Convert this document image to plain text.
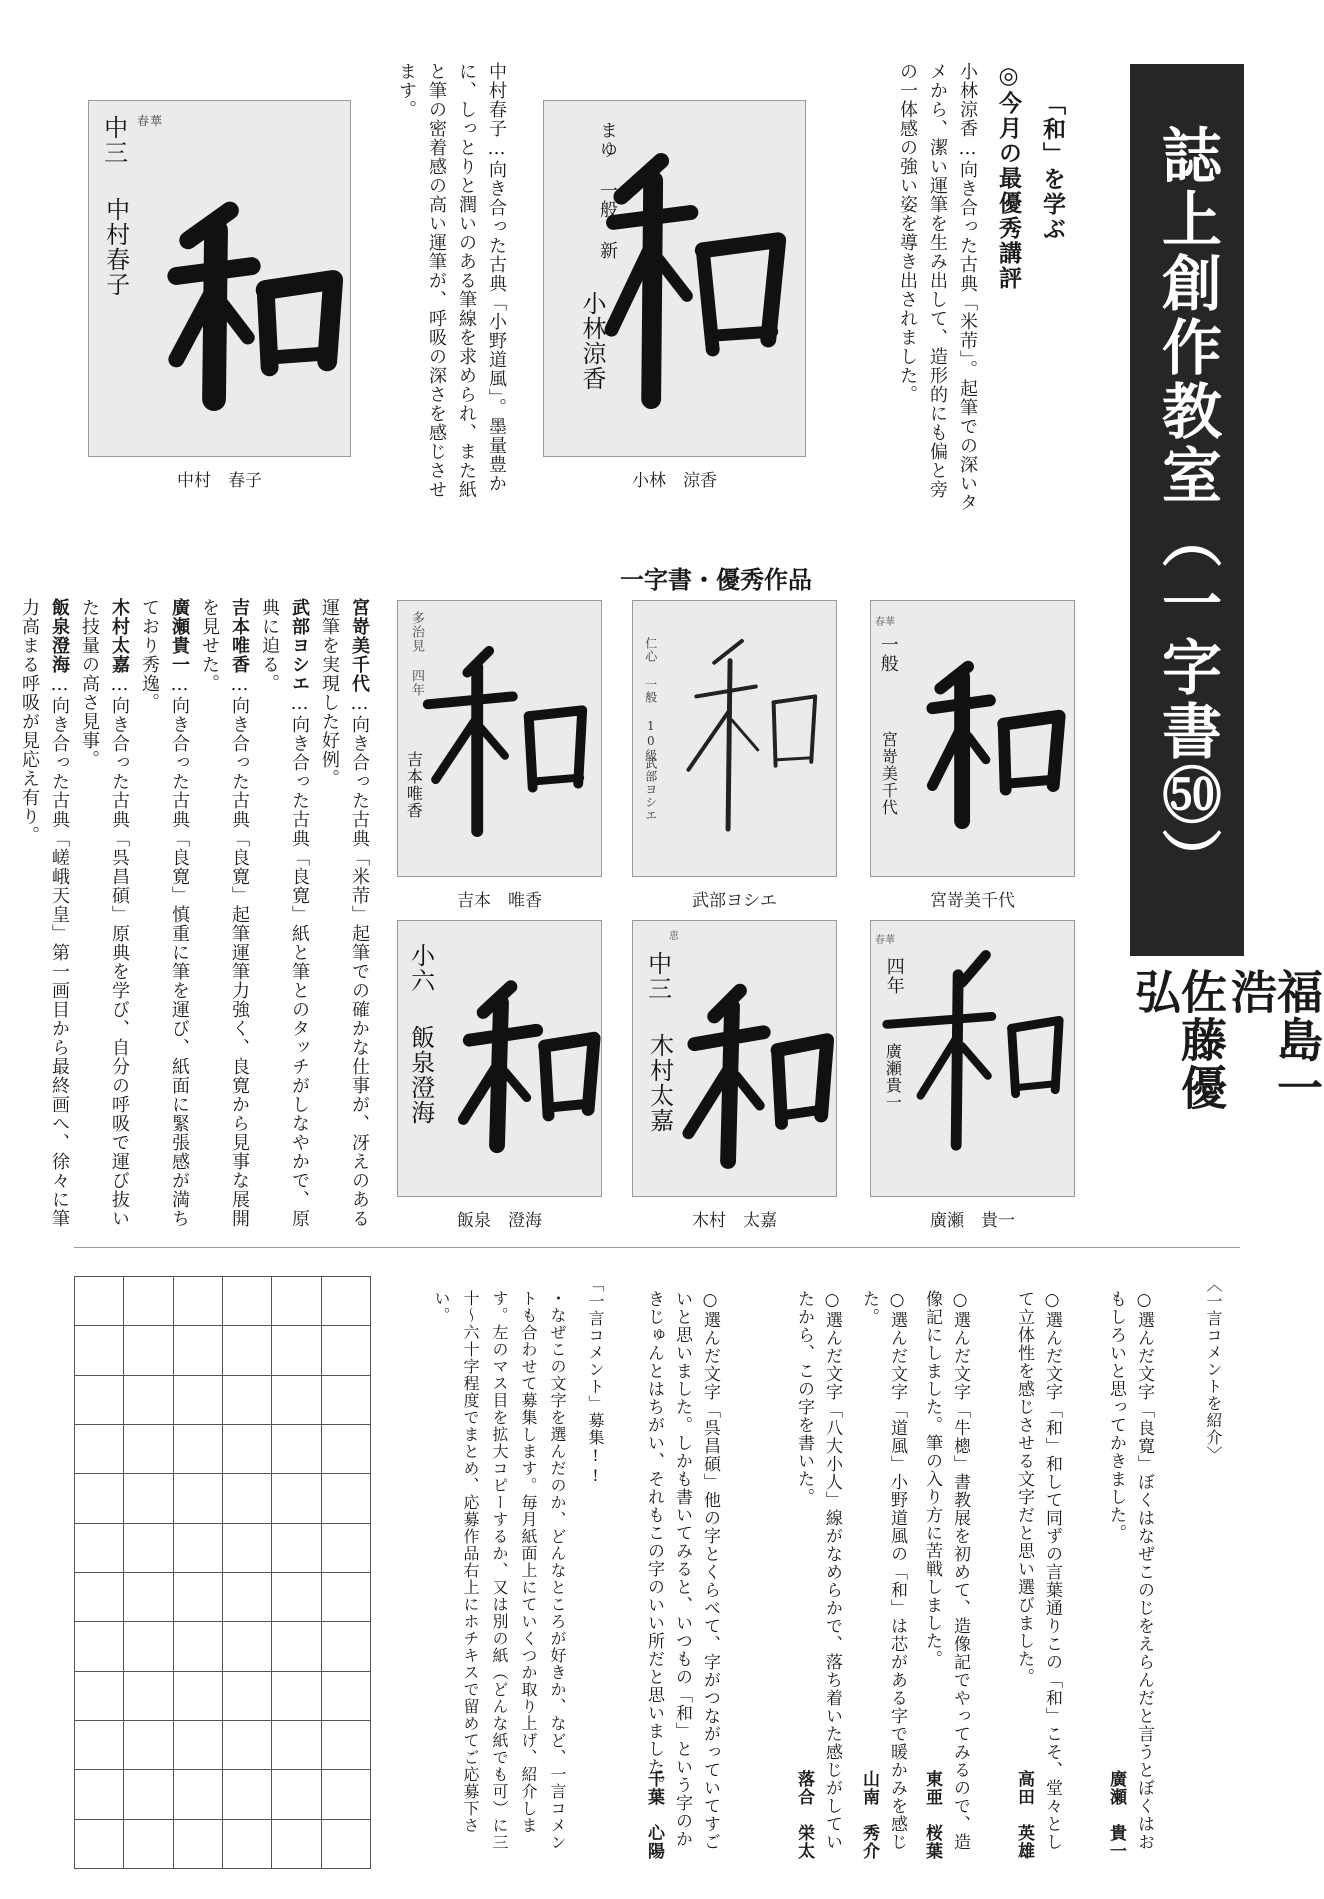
誌上創作教室（一字書㊿）
福島一浩
佐藤優弘
「和」を学ぶ
◎今月の最優秀講評
小林涼香…向き合った古典「米芾」。起筆での深いタメから、潔い運筆を生み出して、造形的にも偏と旁の一体感の強い姿を導き出されました。
中村春子…向き合った古典「小野道風」。墨量豊かに、しっとりと潤いのある筆線を求められ、また紙と筆の密着感の高い運筆が、呼吸の深さを感じさせます。
まゆ 一般 新
小林涼香
小林　涼香
春華
中三
中村春子
中村　春子
一字書・優秀作品
春華
一般
宮嵜美千代
宮嵜美千代
仁心 一般 10級
武部ヨシエ
武部ヨシエ
多治見 四年
吉本唯香
吉本　唯香
春華
四年
廣瀬貴一
廣瀬　貴一
恵
中三
木村太嘉
木村　太嘉
小六
飯泉澄海
飯泉　澄海
宮嵜美千代…向き合った古典「米芾」起筆での確かな仕事が、冴えのある運筆を実現した好例。
武部ヨシエ…向き合った古典「良寛」紙と筆とのタッチがしなやかで、原典に迫る。
吉本唯香…向き合った古典「良寛」起筆運筆力強く、良寛から見事な展開を見せた。
廣瀬貴一…向き合った古典「良寛」慎重に筆を運び、紙面に緊張感が満ちており秀逸。
木村太嘉…向き合った古典「呉昌碩」原典を学び、自分の呼吸で運び抜いた技量の高さ見事。
飯泉澄海…向き合った古典「嵯峨天皇」第一画目から最終画へ、徐々に筆力高まる呼吸が見応え有り。
〈一言コメントを紹介〉
○選んだ文字「良寛」ぼくはなぜこのじをえらんだと言うとぼくはおもしろいと思ってかきました。
廣瀬　貴一
○選んだ文字「和」和して同ずの言葉通りこの「和」こそ、堂々として立体性を感じさせる文字だと思い選びました。
高田　英雄
○選んだ文字「牛樬」書教展を初めて、造像記でやってみるので、造像記にしました。筆の入り方に苦戦しました。
東亜　桜葉
○選んだ文字「道風」小野道風の「和」は芯がある字で暖かみを感じた。
山南　秀介
○選んだ文字「八大小人」線がなめらかで、落ち着いた感じがしていたから、この字を書いた。
落合　栄太
○選んだ文字「呉昌碩」他の字とくらべて、字がつながっていてすごいと思いました。しかも書いてみると、いつもの「和」という字のかきじゅんとはちがい、それもこの字のいい所だと思いました。
千葉　心陽
「一言コメント」募集!!
・なぜこの文字を選んだのか、どんなところが好きか、など、一言コメントも合わせて募集します。毎月紙面上にていくつか取り上げ、紹介します。左のマス目を拡大コピーするか、又は別の紙（どんな紙でも可）に三十〜六十字程度でまとめ、応募作品右上にホチキスで留めてご応募下さい。
